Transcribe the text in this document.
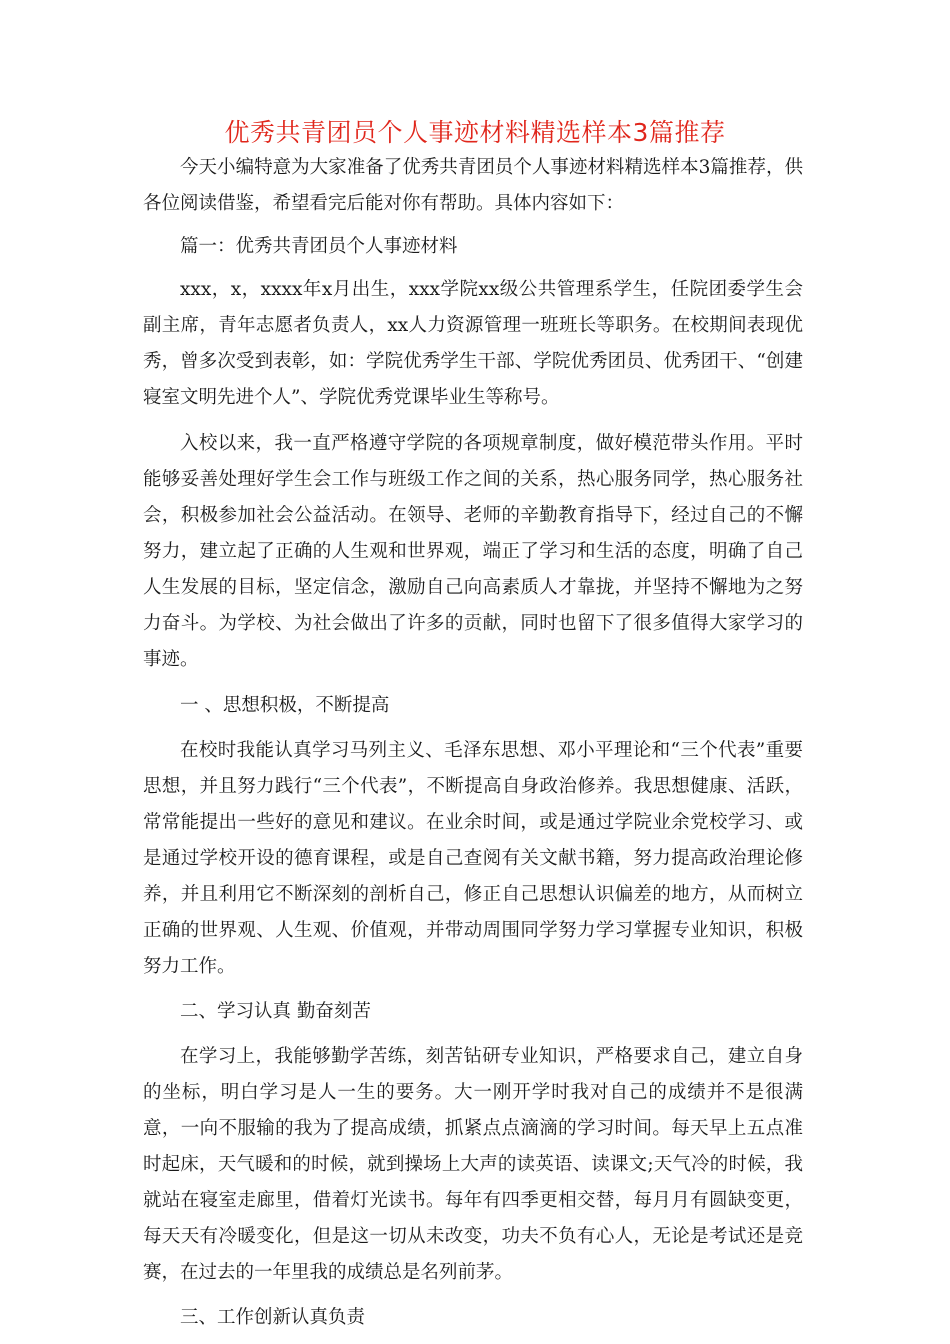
优秀共青团员个人事迹材料精选样本3篇推荐

今天小编特意为大家准备了优秀共青团员个人事迹材料精选样本3篇推荐，供各位阅读借鉴，希望看完后能对你有帮助。具体内容如下：

篇一：优秀共青团员个人事迹材料

xxx，x，xxxx年x月出生，xxx学院xx级公共管理系学生，任院团委学生会副主席，青年志愿者负责人，xx人力资源管理一班班长等职务。在校期间表现优秀，曾多次受到表彰，如：学院优秀学生干部、学院优秀团员、优秀团干、“创建寝室文明先进个人”、学院优秀党课毕业生等称号。

入校以来，我一直严格遵守学院的各项规章制度，做好模范带头作用。平时能够妥善处理好学生会工作与班级工作之间的关系，热心服务同学，热心服务社会，积极参加社会公益活动。在领导、老师的辛勤教育指导下，经过自己的不懈努力，建立起了正确的人生观和世界观，端正了学习和生活的态度，明确了自己人生发展的目标，坚定信念，激励自己向高素质人才靠拢，并坚持不懈地为之努力奋斗。为学校、为社会做出了许多的贡献，同时也留下了很多值得大家学习的事迹。

一 、思想积极，不断提高

在校时我能认真学习马列主义、毛泽东思想、邓小平理论和“三个代表”重要思想，并且努力践行“三个代表”，不断提高自身政治修养。我思想健康、活跃，常常能提出一些好的意见和建议。在业余时间，或是通过学院业余党校学习、或是通过学校开设的德育课程，或是自己查阅有关文献书籍，努力提高政治理论修养，并且利用它不断深刻的剖析自己，修正自己思想认识偏差的地方，从而树立正确的世界观、人生观、价值观，并带动周围同学努力学习掌握专业知识，积极努力工作。

二、学习认真 勤奋刻苦

在学习上，我能够勤学苦练，刻苦钻研专业知识，严格要求自己，建立自身的坐标，明白学习是人一生的要务。大一刚开学时我对自己的成绩并不是很满意，一向不服输的我为了提高成绩，抓紧点点滴滴的学习时间。每天早上五点准时起床，天气暖和的时候，就到操场上大声的读英语、读课文;天气冷的时候，我就站在寝室走廊里，借着灯光读书。每年有四季更相交替，每月月有圆缺变更，每天天有冷暖变化，但是这一切从未改变，功夫不负有心人，无论是考试还是竞赛，在过去的一年里我的成绩总是名列前茅。

三、工作创新认真负责
